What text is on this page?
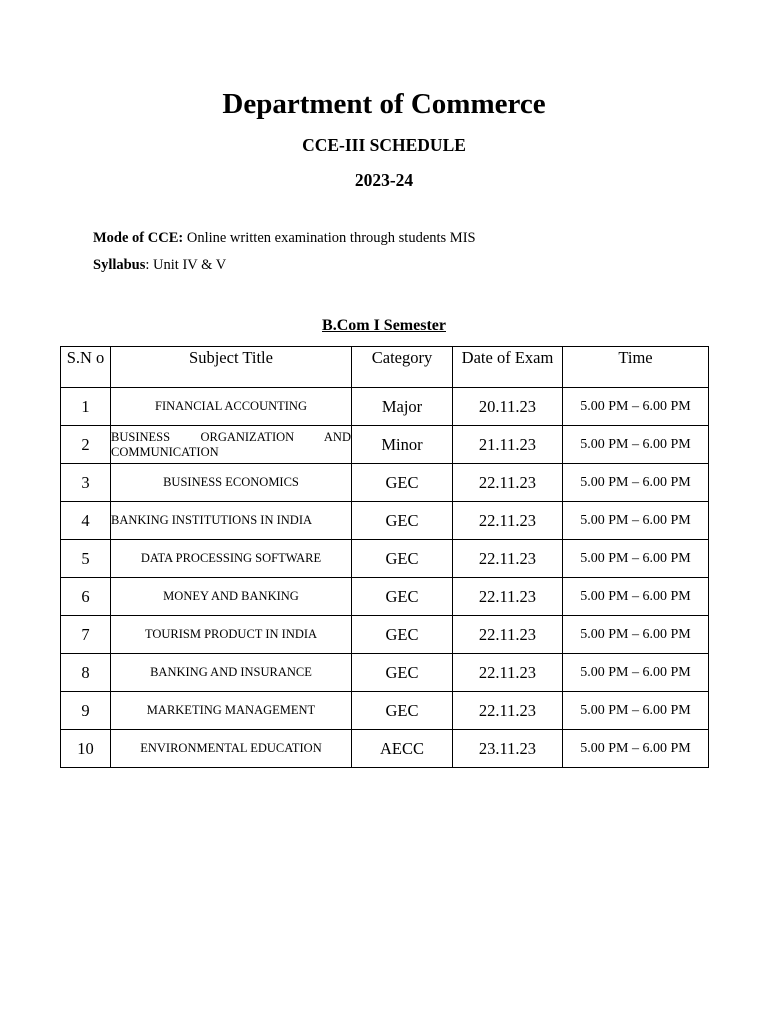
Department of Commerce

CCE-III SCHEDULE

2023-24

Mode of CCE: Online written examination through students MIS

Syllabus: Unit IV & V

B.Com I Semester

S.N o	Subject Title	Category	Date of Exam	Time
1	FINANCIAL ACCOUNTING	Major	20.11.23	5.00 PM – 6.00 PM
2	BUSINESS ORGANIZATION AND COMMUNICATION	Minor	21.11.23	5.00 PM – 6.00 PM
3	BUSINESS ECONOMICS	GEC	22.11.23	5.00 PM – 6.00 PM
4	BANKING INSTITUTIONS IN INDIA	GEC	22.11.23	5.00 PM – 6.00 PM
5	DATA PROCESSING SOFTWARE	GEC	22.11.23	5.00 PM – 6.00 PM
6	MONEY AND BANKING	GEC	22.11.23	5.00 PM – 6.00 PM
7	TOURISM PRODUCT IN INDIA	GEC	22.11.23	5.00 PM – 6.00 PM
8	BANKING AND INSURANCE	GEC	22.11.23	5.00 PM – 6.00 PM
9	MARKETING MANAGEMENT	GEC	22.11.23	5.00 PM – 6.00 PM
10	ENVIRONMENTAL EDUCATION	AECC	23.11.23	5.00 PM – 6.00 PM
